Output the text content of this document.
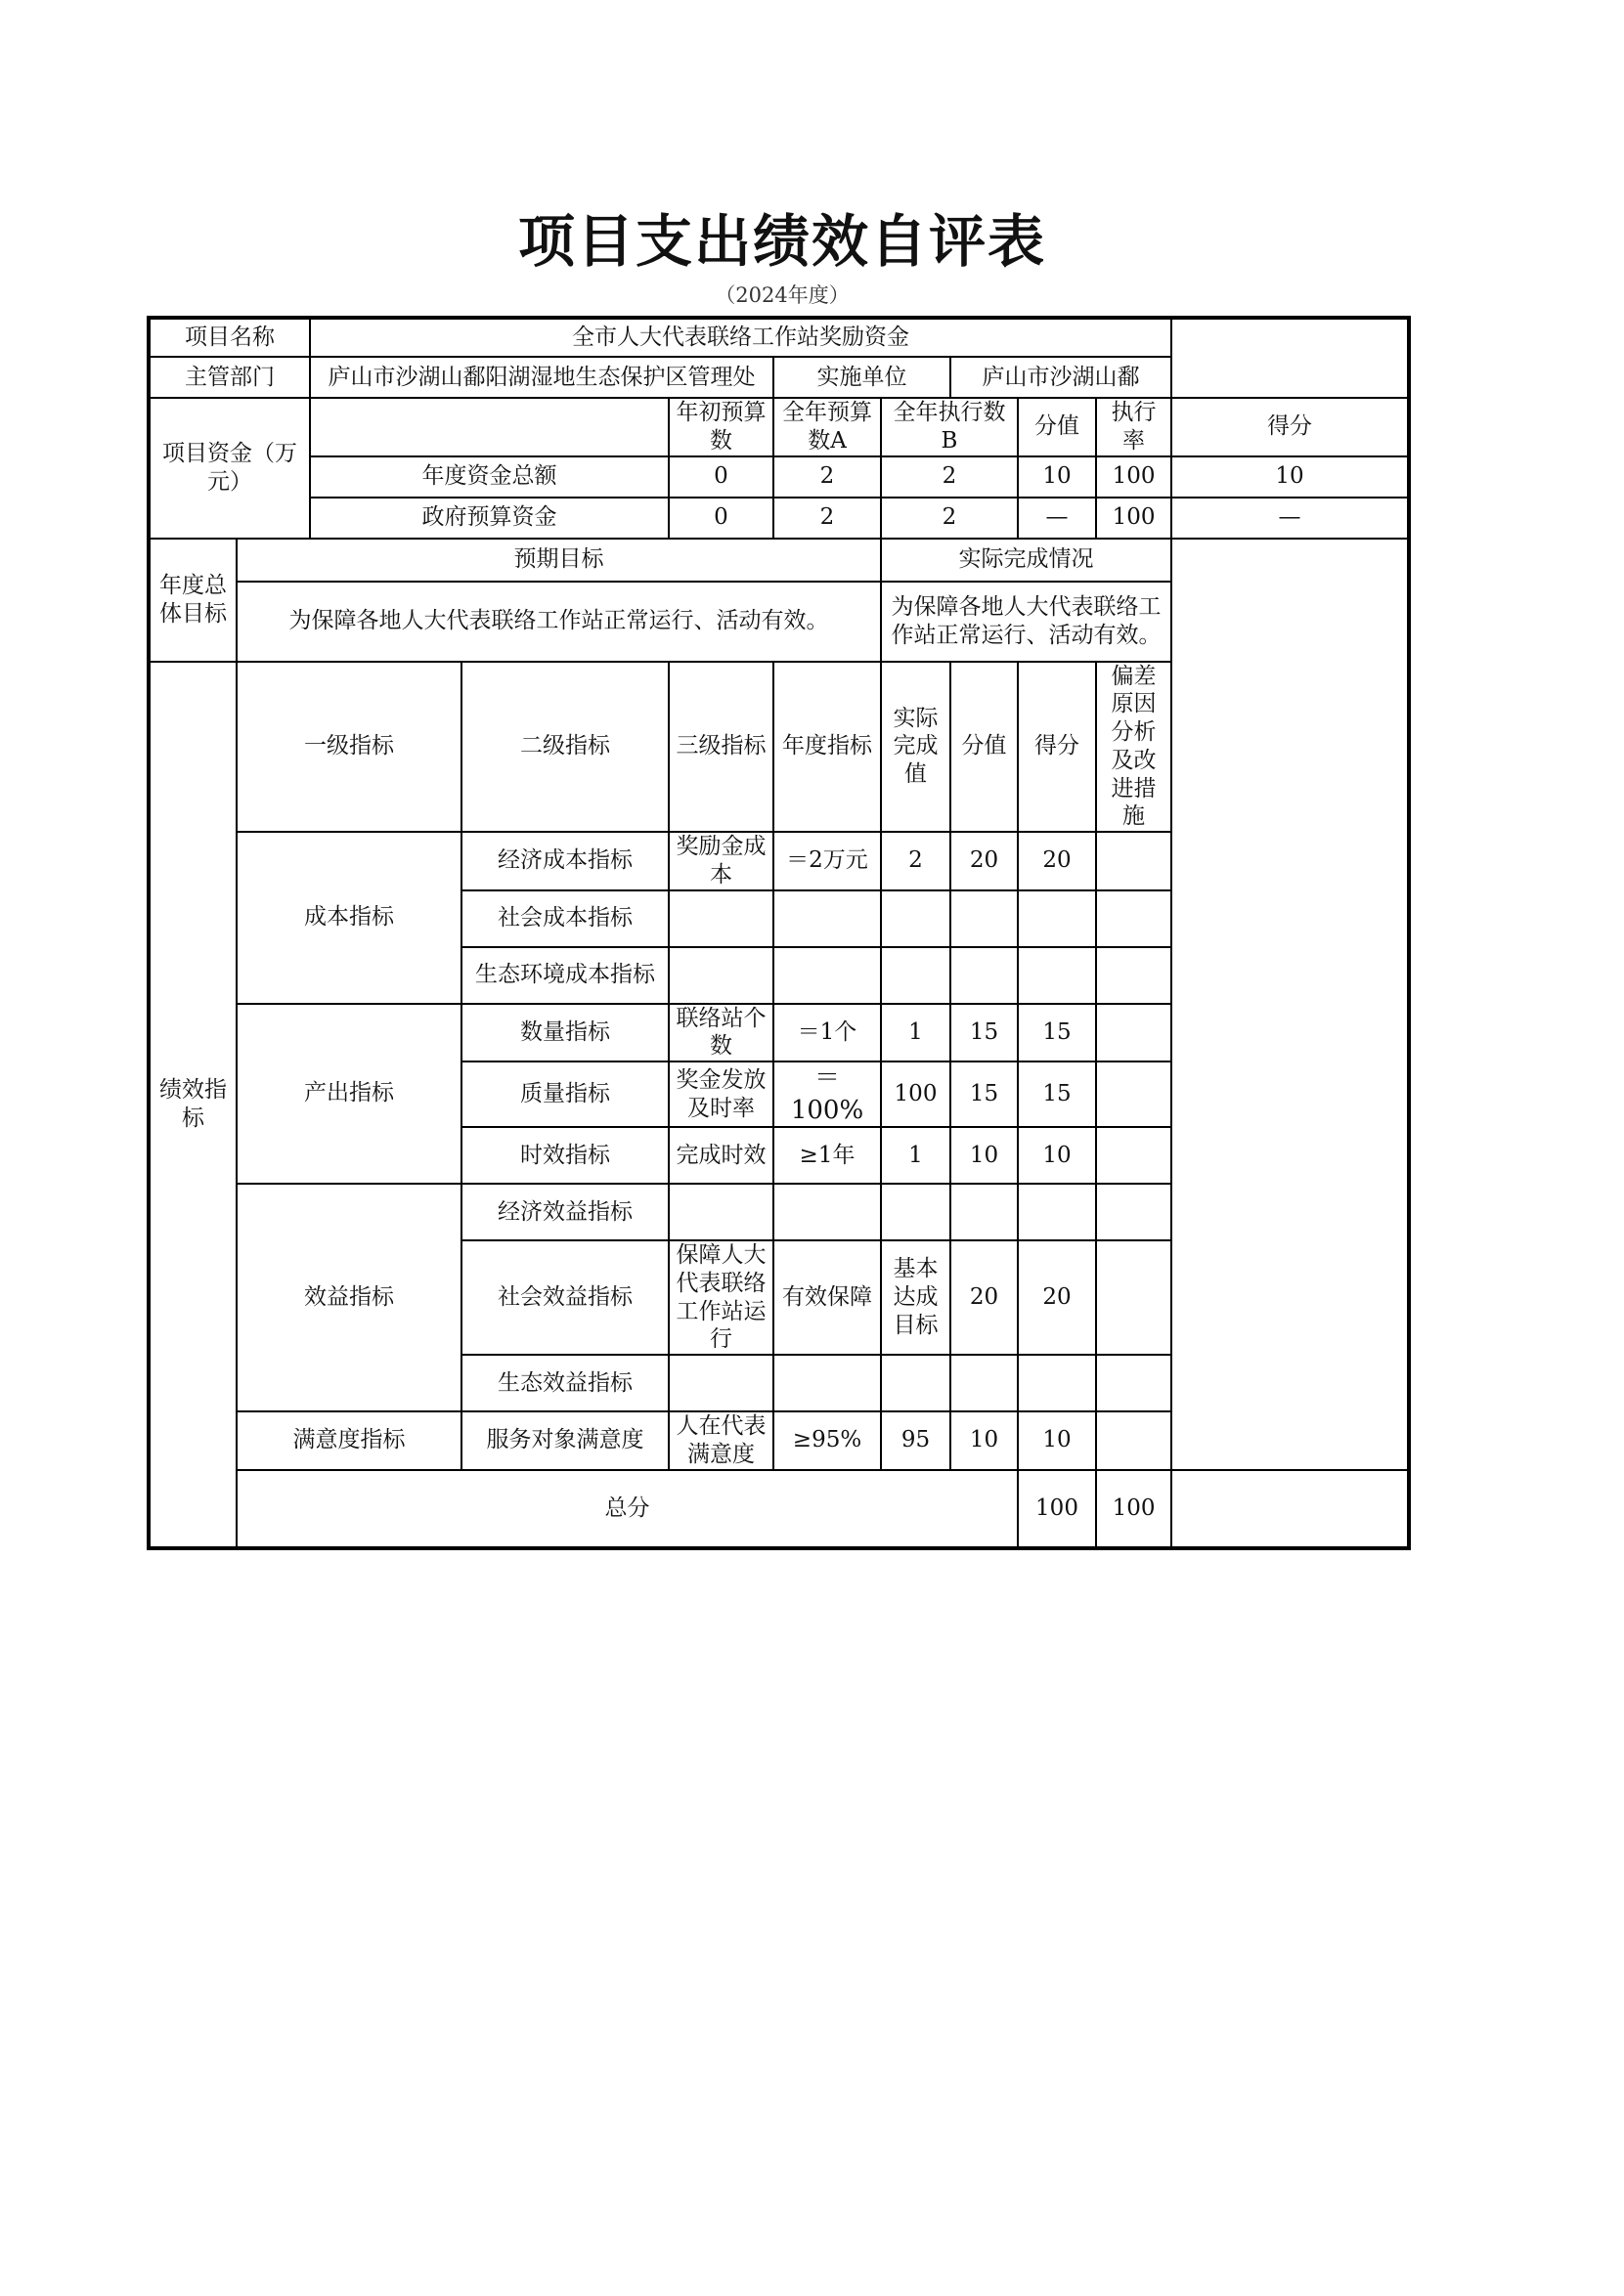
项目支出绩效自评表
（2024年度）
项目名称		全市人大代表联络工作站奖励资金								
主管部门		庐山市沙湖山鄱阳湖湿地生态保护区管理处			实施单位		庐山市沙湖山鄱			
项目资金（万元）				年初预算数	全年预算数A	全年执行数B		分值	执行率	得分
		年度资金总额		0	2	2		10	100	10
		政府预算资金		0	2	2		—	100	—
年度总体目标	预期目标					实际完成情况				
	为保障各地人大代表联络工作站正常运行、活动有效。					为保障各地人大代表联络工作站正常运行、活动有效。				
绩效指标	一级指标		二级指标	三级指标	年度指标	实际完成值	分值	得分	偏差原因分析及改进措施	
	成本指标		经济成本指标	奖励金成本	＝2万元	2	20	20		
			社会成本指标							
			生态环境成本指标							
	产出指标		数量指标	联络站个数	＝1个	1	15	15		
			质量指标	奖金发放及时率	＝100%	100	15	15		
			时效指标	完成时效	≥1年	1	10	10		
	效益指标		经济效益指标							
			社会效益指标	保障人大代表联络工作站运行	有效保障	基本达成目标	20	20		
			生态效益指标							
	满意度指标		服务对象满意度	人在代表满意度	≥95%	95	10	10		
	总分							100	100	
